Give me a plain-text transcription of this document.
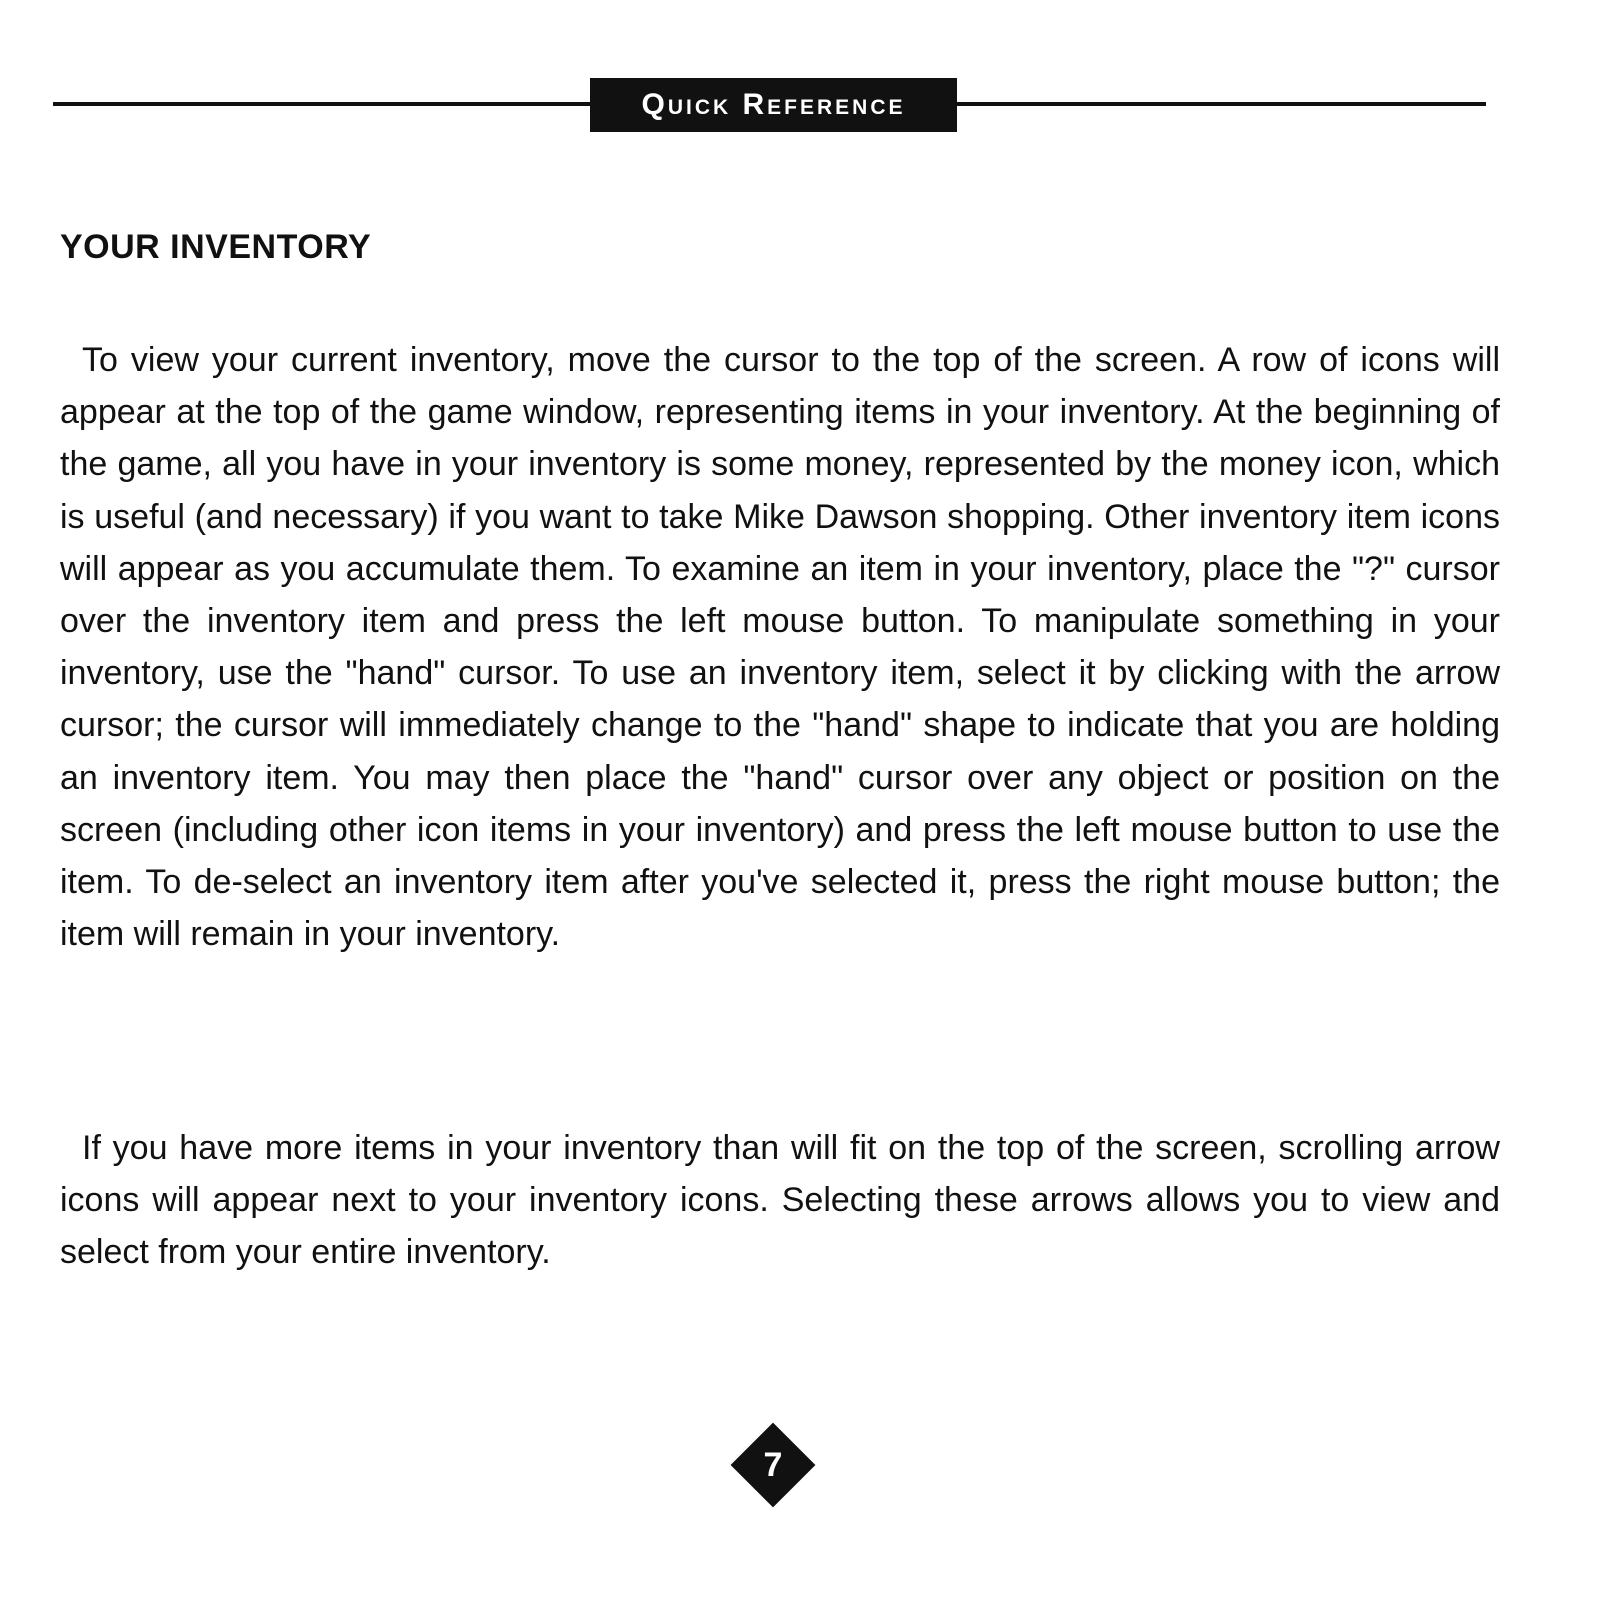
Quick Reference
YOUR INVENTORY

To view your current inventory, move the cursor to the top of the screen. A row of icons will appear at the top of the game window, representing items in your inventory. At the beginning of the game, all you have in your inventory is some money, represented by the money icon, which is useful (and necessary) if you want to take Mike Dawson shopping. Other inventory item icons will appear as you accumulate them. To examine an item in your inventory, place the "?" cursor over the inventory item and press the left mouse button. To manipulate something in your inventory, use the "hand" cursor. To use an inventory item, select it by clicking with the arrow cursor; the cursor will immediately change to the "hand" shape to indicate that you are holding an inventory item. You may then place the "hand" cursor over any object or position on the screen (including other icon items in your inventory) and press the left mouse button to use the item. To de-select an inventory item after you've selected it, press the right mouse button; the item will remain in your inventory.

If you have more items in your inventory than will fit on the top of the screen, scrolling arrow icons will appear next to your inventory icons. Selecting these arrows allows you to view and select from your entire inventory.

7
